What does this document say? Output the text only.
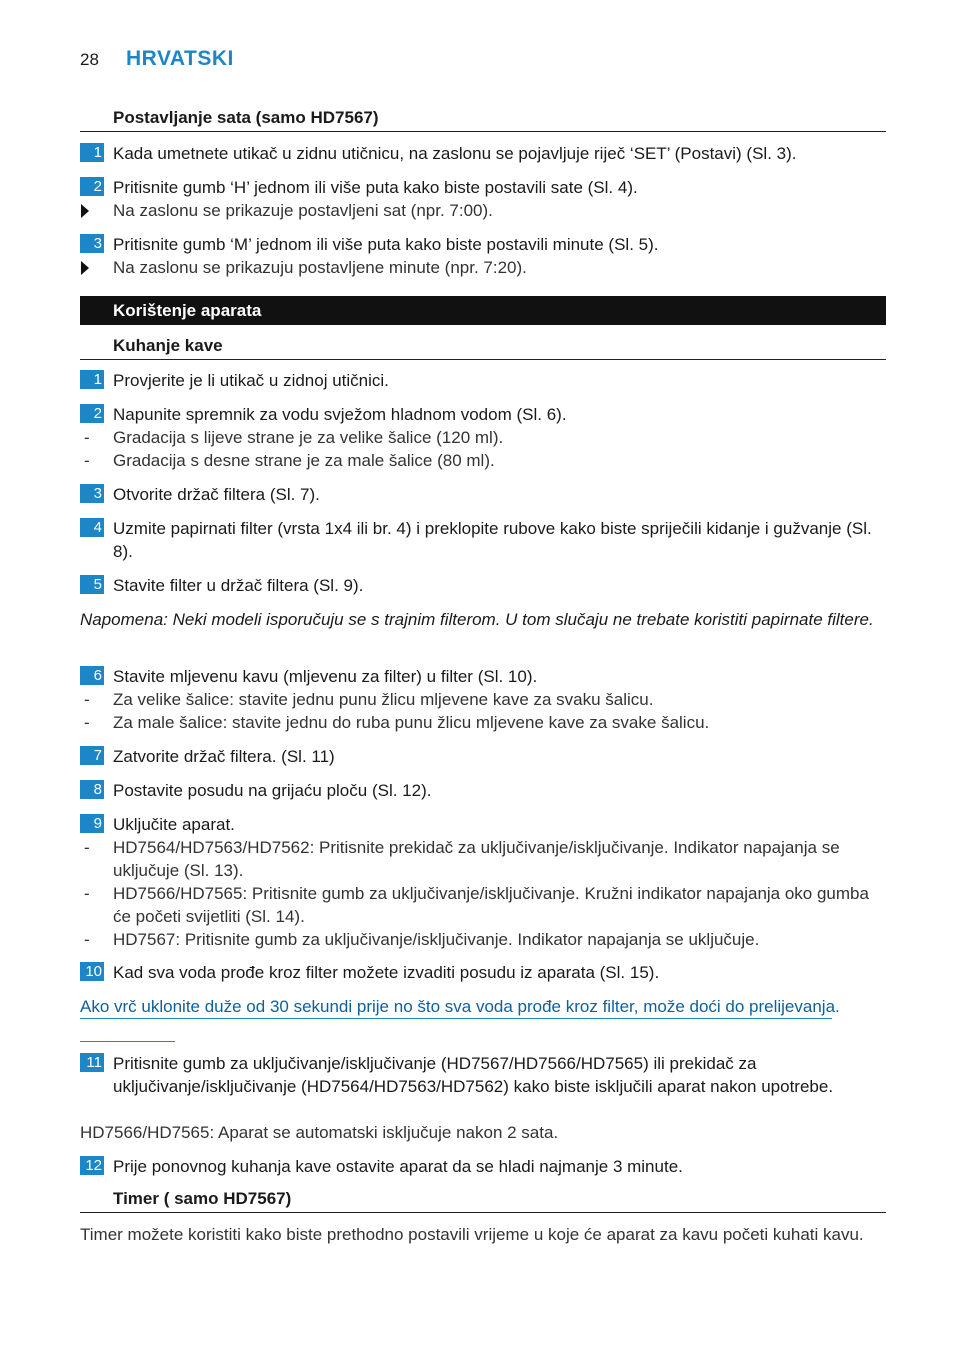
28 HRVATSKI
Postavljanje sata (samo HD7567)
1 Kada umetnete utikač u zidnu utičnicu, na zaslonu se pojavljuje riječ ‘SET’ (Postavi) (Sl. 3).
2 Pritisnite gumb ‘H’ jednom ili više puta kako biste postavili sate (Sl. 4).
Na zaslonu se prikazuje postavljeni sat (npr. 7:00).
3 Pritisnite gumb ‘M’ jednom ili više puta kako biste postavili minute (Sl. 5).
Na zaslonu se prikazuju postavljene minute (npr. 7:20).
Korištenje aparata
Kuhanje kave
1 Provjerite je li utikač u zidnoj utičnici.
2 Napunite spremnik za vodu svježom hladnom vodom (Sl. 6).
- Gradacija s lijeve strane je za velike šalice (120 ml).
- Gradacija s desne strane je za male šalice (80 ml).
3 Otvorite držač filtera (Sl. 7).
4 Uzmite papirnati filter (vrsta 1x4 ili br. 4) i preklopite rubove kako biste spriječili kidanje i gužvanje (Sl. 8).
5 Stavite filter u držač filtera (Sl. 9).
Napomena: Neki modeli isporučuju se s trajnim filterom. U tom slučaju ne trebate koristiti papirnate filtere.
6 Stavite mljevenu kavu (mljevenu za filter) u filter (Sl. 10).
- Za velike šalice: stavite jednu punu žlicu mljevene kave za svaku šalicu.
- Za male šalice: stavite jednu do ruba punu žlicu mljevene kave za svake šalicu.
7 Zatvorite držač filtera. (Sl. 11)
8 Postavite posudu na grijaću ploču (Sl. 12).
9 Uključite aparat.
- HD7564/HD7563/HD7562: Pritisnite prekidač za uključivanje/isključivanje. Indikator napajanja se uključuje (Sl. 13).
- HD7566/HD7565: Pritisnite gumb za uključivanje/isključivanje. Kružni indikator napajanja oko gumba će početi svijetliti (Sl. 14).
- HD7567: Pritisnite gumb za uključivanje/isključivanje. Indikator napajanja se uključuje.
10 Kad sva voda prođe kroz filter možete izvaditi posudu iz aparata (Sl. 15).
Ako vrč uklonite duže od 30 sekundi prije no što sva voda prođe kroz filter, može doći do prelijevanja.
11 Pritisnite gumb za uključivanje/isključivanje (HD7567/HD7566/HD7565) ili prekidač za uključivanje/isključivanje (HD7564/HD7563/HD7562) kako biste isključili aparat nakon upotrebe.
HD7566/HD7565: Aparat se automatski isključuje nakon 2 sata.
12 Prije ponovnog kuhanja kave ostavite aparat da se hladi najmanje 3 minute.
Timer ( samo HD7567)
Timer možete koristiti kako biste prethodno postavili vrijeme u koje će aparat za kavu početi kuhati kavu.
